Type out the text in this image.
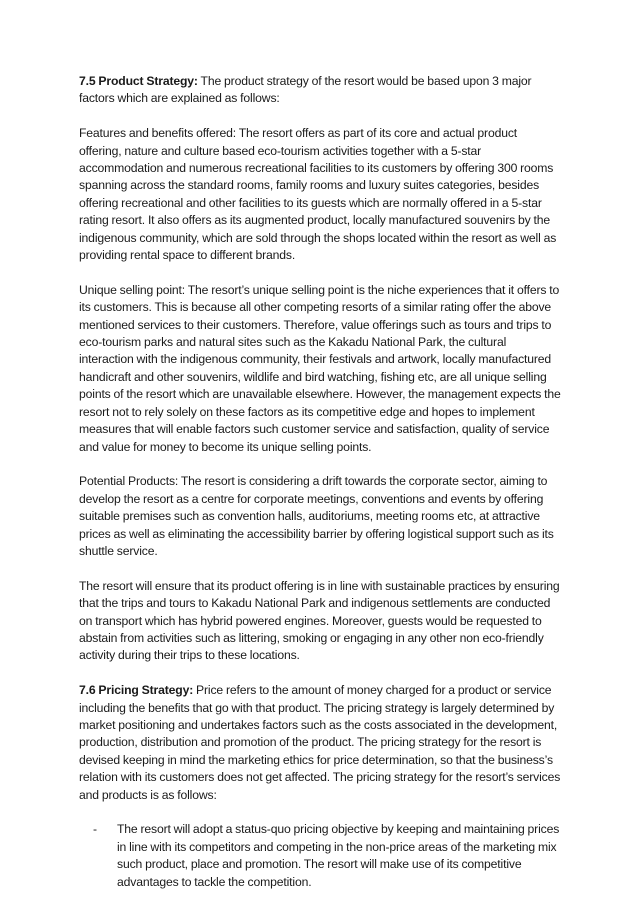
7.5 Product Strategy: The product strategy of the resort would be based upon 3 major factors which are explained as follows:

Features and benefits offered: The resort offers as part of its core and actual product offering, nature and culture based eco-tourism activities together with a 5-star accommodation and numerous recreational facilities to its customers by offering 300 rooms spanning across the standard rooms, family rooms and luxury suites categories, besides offering recreational and other facilities to its guests which are normally offered in a 5-star rating resort. It also offers as its augmented product, locally manufactured souvenirs by the indigenous community, which are sold through the shops located within the resort as well as providing rental space to different brands.

Unique selling point: The resort’s unique selling point is the niche experiences that it offers to its customers. This is because all other competing resorts of a similar rating offer the above mentioned services to their customers. Therefore, value offerings such as tours and trips to eco-tourism parks and natural sites such as the Kakadu National Park, the cultural interaction with the indigenous community, their festivals and artwork, locally manufactured handicraft and other souvenirs, wildlife and bird watching, fishing etc, are all unique selling points of the resort which are unavailable elsewhere. However, the management expects the resort not to rely solely on these factors as its competitive edge and hopes to implement measures that will enable factors such customer service and satisfaction, quality of service and value for money to become its unique selling points.

Potential Products: The resort is considering a drift towards the corporate sector, aiming to develop the resort as a centre for corporate meetings, conventions and events by offering suitable premises such as convention halls, auditoriums, meeting rooms etc, at attractive prices as well as eliminating the accessibility barrier by offering logistical support such as its shuttle service.

The resort will ensure that its product offering is in line with sustainable practices by ensuring that the trips and tours to Kakadu National Park and indigenous settlements are conducted on transport which has hybrid powered engines. Moreover, guests would be requested to abstain from activities such as littering, smoking or engaging in any other non eco-friendly activity during their trips to these locations.

7.6 Pricing Strategy: Price refers to the amount of money charged for a product or service including the benefits that go with that product. The pricing strategy is largely determined by market positioning and undertakes factors such as the costs associated in the development, production, distribution and promotion of the product. The pricing strategy for the resort is devised keeping in mind the marketing ethics for price determination, so that the business’s relation with its customers does not get affected. The pricing strategy for the resort’s services and products is as follows:

-	The resort will adopt a status-quo pricing objective by keeping and maintaining prices in line with its competitors and competing in the non-price areas of the marketing mix such product, place and promotion. The resort will make use of its competitive advantages to tackle the competition.
